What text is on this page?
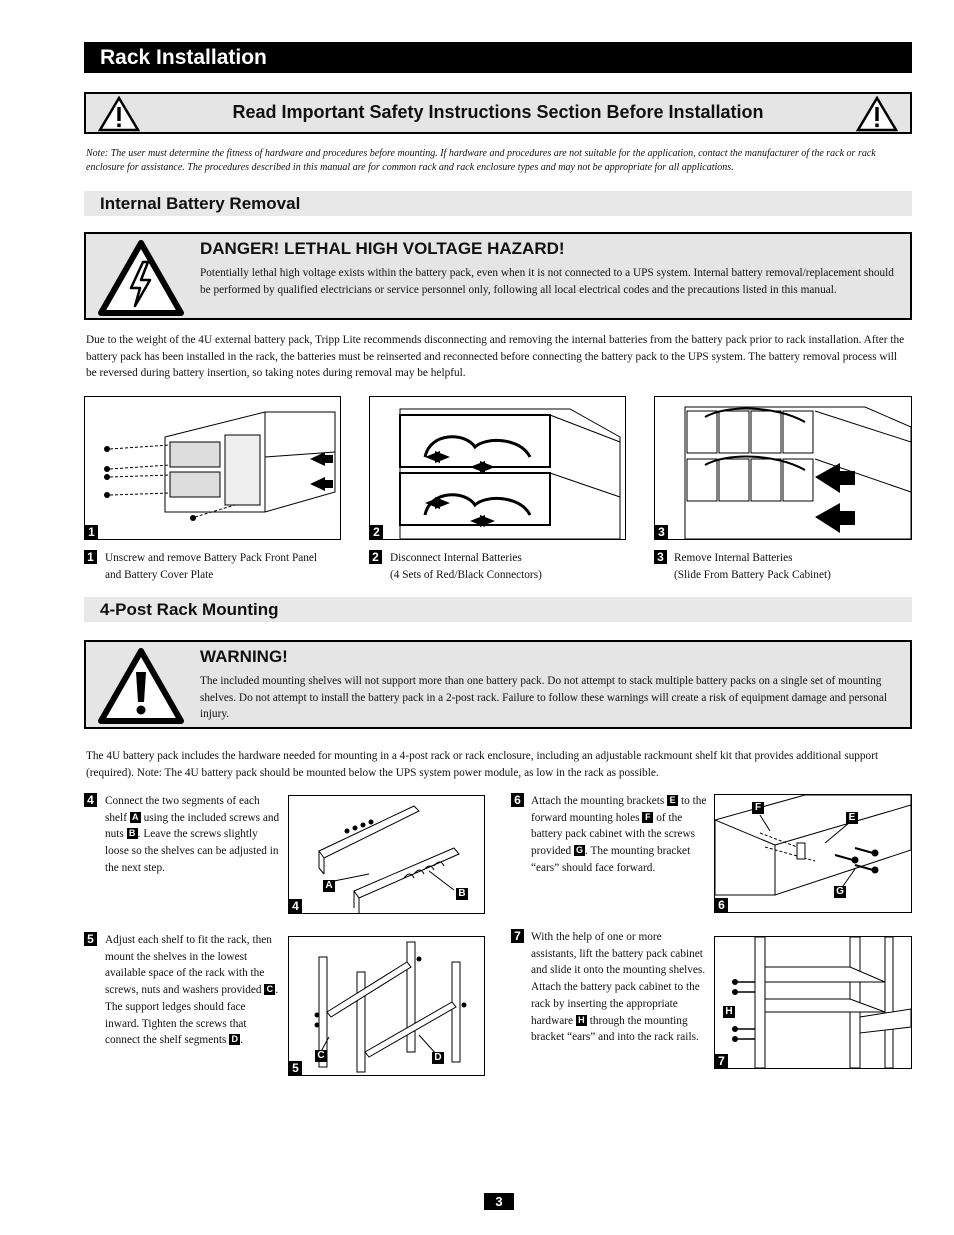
Rack Installation
Read Important Safety Instructions Section Before Installation
Note: The user must determine the fitness of hardware and procedures before mounting. If hardware and procedures are not suitable for the application, contact the manufacturer of the rack or rack enclosure for assistance. The procedures described in this manual are for common rack and rack enclosure types and may not be appropriate for all applications.
Internal Battery Removal
DANGER! LETHAL HIGH VOLTAGE HAZARD!
Potentially lethal high voltage exists within the battery pack, even when it is not connected to a UPS system. Internal battery removal/replacement should be performed by qualified electricians or service personnel only, following all local electrical codes and the precautions listed in this manual.
Due to the weight of the 4U external battery pack, Tripp Lite recommends disconnecting and removing the internal batteries from the battery pack prior to rack installation. After the battery pack has been installed in the rack, the batteries must be reinserted and reconnected before connecting the battery pack to the UPS system. The battery removal process will be reversed during battery insertion, so taking notes during removal may be helpful.
1	2	3
1 Unscrew and remove Battery Pack Front Panel
and Battery Cover Plate
2 Disconnect Internal Batteries
(4 Sets of Red/Black Connectors)
3 Remove Internal Batteries
(Slide From Battery Pack Cabinet)
4-Post Rack Mounting
WARNING!
The included mounting shelves will not support more than one battery pack. Do not attempt to stack multiple battery packs on a single set of mounting shelves. Do not attempt to install the battery pack in a 2-post rack. Failure to follow these warnings will create a risk of equipment damage and personal injury.
The 4U battery pack includes the hardware needed for mounting in a 4-post rack or rack enclosure, including an adjustable rackmount shelf kit that provides additional support (required). Note: The 4U battery pack should be mounted below the UPS system power module, as low in the rack as possible.
4 Connect the two segments of each shelf A using the included screws and nuts B . Leave the screws slightly loose so the shelves can be adjusted in the next step.
A
B
4
5 Adjust each shelf to fit the rack, then mount the shelves in the lowest available space of the rack with the screws, nuts and washers provided C . The support ledges should face inward. Tighten the screws that connect the shelf segments D .
C	D
5
6 Attach the mounting brackets E to the forward mounting holes F of the battery pack cabinet with the screws provided G . The mounting bracket “ears” should face forward.
F
E
G
6
7 With the help of one or more assistants, lift the battery pack cabinet and slide it onto the mounting shelves. Attach the battery pack cabinet to the rack by inserting the appropriate hardware H through the mounting bracket “ears” and into the rack rails.
H
7
3
